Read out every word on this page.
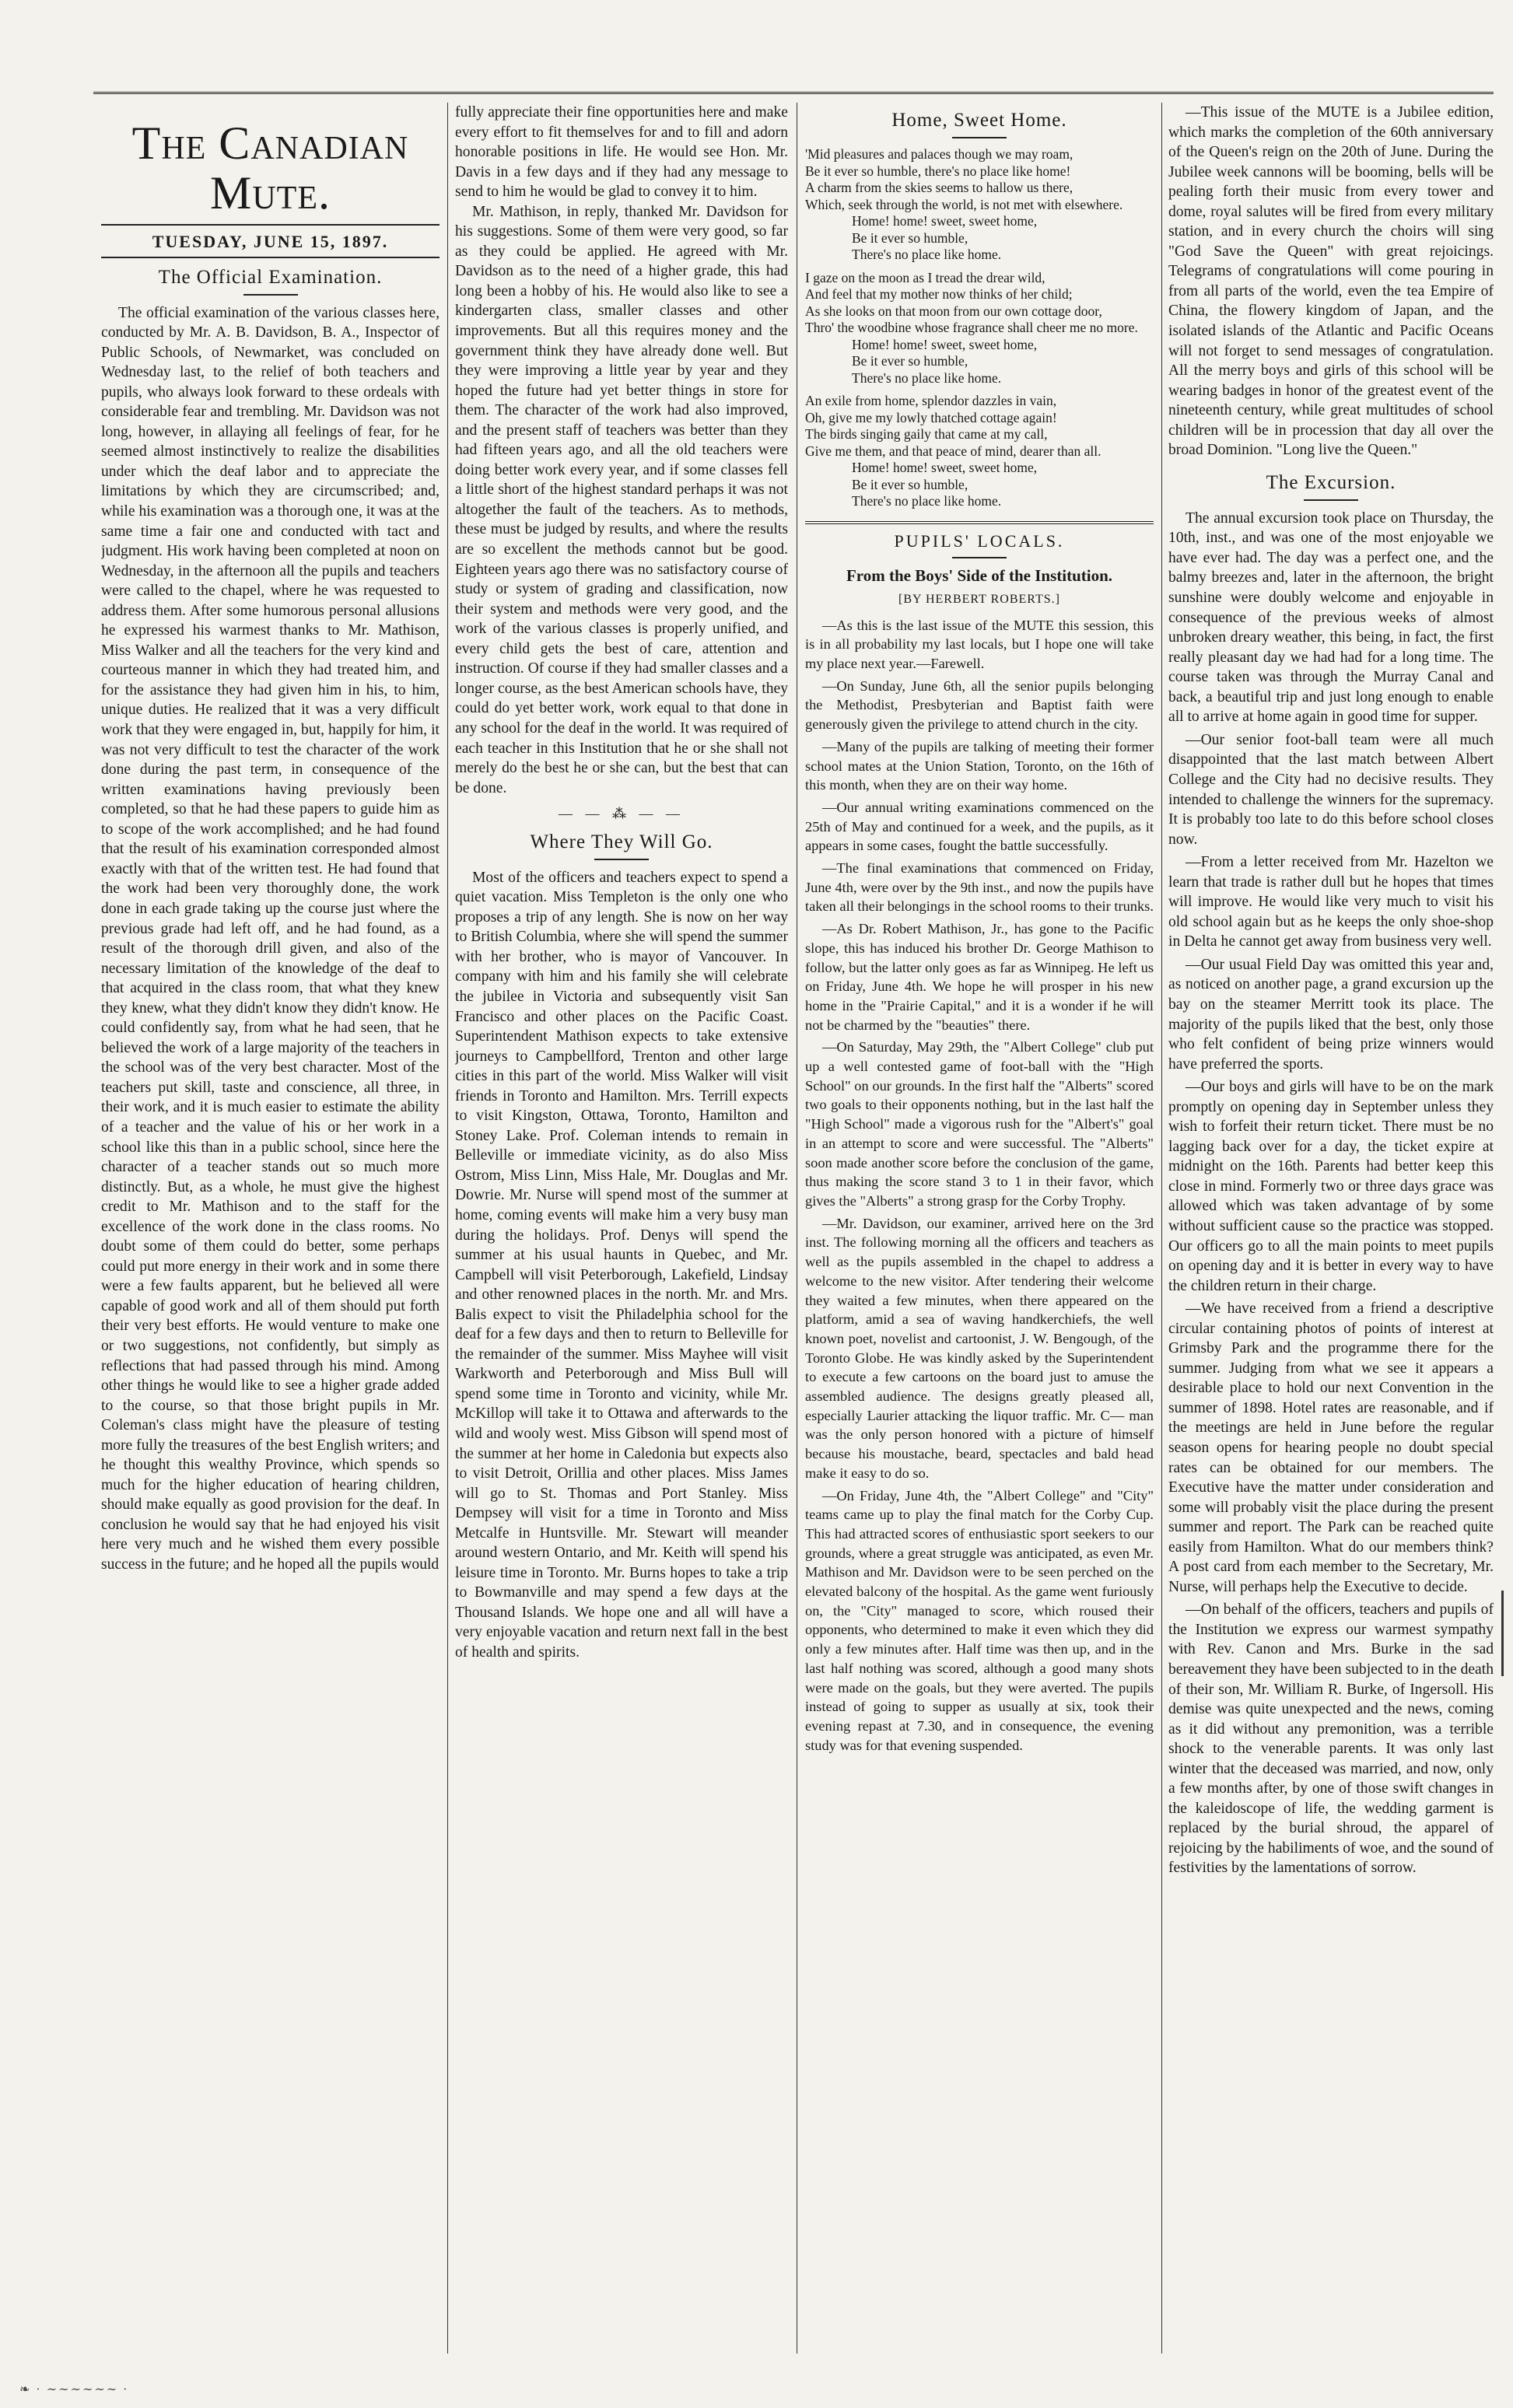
The Canadian Mute.
TUESDAY, JUNE 15, 1897.
The Official Examination.

The official examination of the various classes here, conducted by Mr. A. B. Davidson, B. A., Inspector of Public Schools, of Newmarket, was concluded on Wednesday last, to the relief of both teachers and pupils, who always look forward to these ordeals with considerable fear and trembling. Mr. Davidson was not long, however, in allaying all feelings of fear, for he seemed almost instinctively to realize the disabilities under which the deaf labor and to appreciate the limitations by which they are circumscribed; and, while his examination was a thorough one, it was at the same time a fair one and conducted with tact and judgment. His work having been completed at noon on Wednesday, in the afternoon all the pupils and teachers were called to the chapel, where he was requested to address them. After some humorous personal allusions he expressed his warmest thanks to Mr. Mathison, Miss Walker and all the teachers for the very kind and courteous manner in which they had treated him, and for the assistance they had given him in his, to him, unique duties. He realized that it was a very difficult work that they were engaged in, but, happily for him, it was not very difficult to test the character of the work done during the past term, in consequence of the written examinations having previously been completed, so that he had these papers to guide him as to scope of the work accomplished; and he had found that the result of his examination corresponded almost exactly with that of the written test. He had found that the work had been very thoroughly done, the work done in each grade taking up the course just where the previous grade had left off, and he had found, as a result of the thorough drill given, and also of the necessary limitation of the knowledge of the deaf to that acquired in the class room, that what they knew they knew, what they didn't know they didn't know. He could confidently say, from what he had seen, that he believed the work of a large majority of the teachers in the school was of the very best character. Most of the teachers put skill, taste and conscience, all three, in their work, and it is much easier to estimate the ability of a teacher and the value of his or her work in a school like this than in a public school, since here the character of a teacher stands out so much more distinctly. But, as a whole, he must give the highest credit to Mr. Mathison and to the staff for the excellence of the work done in the class rooms. No doubt some of them could do better, some perhaps could put more energy in their work and in some there were a few faults apparent, but he believed all were capable of good work and all of them should put forth their very best efforts. He would venture to make one or two suggestions, not confidently, but simply as reflections that had passed through his mind. Among other things he would like to see a higher grade added to the course, so that those bright pupils in Mr. Coleman's class might have the pleasure of testing more fully the treasures of the best English writers; and he thought this wealthy Province, which spends so much for the higher education of hearing children, should make equally as good provision for the deaf. In conclusion he would say that he had enjoyed his visit here very much and he wished them every possible success in the future; and he hoped all the pupils would

fully appreciate their fine opportunities here and make every effort to fit themselves for and to fill and adorn honorable positions in life. He would see Hon. Mr. Davis in a few days and if they had any message to send to him he would be glad to convey it to him.

Mr. Mathison, in reply, thanked Mr. Davidson for his suggestions. Some of them were very good, so far as they could be applied. He agreed with Mr. Davidson as to the need of a higher grade, this had long been a hobby of his. He would also like to see a kindergarten class, smaller classes and other improvements. But all this requires money and the government think they have already done well. But they were improving a little year by year and they hoped the future had yet better things in store for them. The character of the work had also improved, and the present staff of teachers was better than they had fifteen years ago, and all the old teachers were doing better work every year, and if some classes fell a little short of the highest standard perhaps it was not altogether the fault of the teachers. As to methods, these must be judged by results, and where the results are so excellent the methods cannot but be good. Eighteen years ago there was no satisfactory course of study or system of grading and classification, now their system and methods were very good, and the work of the various classes is properly unified, and every child gets the best of care, attention and instruction. Of course if they had smaller classes and a longer course, as the best American schools have, they could do yet better work, work equal to that done in any school for the deaf in the world. It was required of each teacher in this Institution that he or she shall not merely do the best he or she can, but the best that can be done.

— — ⁂ — —
Where They Will Go.

Most of the officers and teachers expect to spend a quiet vacation. Miss Templeton is the only one who proposes a trip of any length. She is now on her way to British Columbia, where she will spend the summer with her brother, who is mayor of Vancouver. In company with him and his family she will celebrate the jubilee in Victoria and subsequently visit San Francisco and other places on the Pacific Coast. Superintendent Mathison expects to take extensive journeys to Campbellford, Trenton and other large cities in this part of the world. Miss Walker will visit friends in Toronto and Hamilton. Mrs. Terrill expects to visit Kingston, Ottawa, Toronto, Hamilton and Stoney Lake. Prof. Coleman intends to remain in Belleville or immediate vicinity, as do also Miss Ostrom, Miss Linn, Miss Hale, Mr. Douglas and Mr. Dowrie. Mr. Nurse will spend most of the summer at home, coming events will make him a very busy man during the holidays. Prof. Denys will spend the summer at his usual haunts in Quebec, and Mr. Campbell will visit Peterborough, Lakefield, Lindsay and other renowned places in the north. Mr. and Mrs. Balis expect to visit the Philadelphia school for the deaf for a few days and then to return to Belleville for the remainder of the summer. Miss Mayhee will visit Warkworth and Peterborough and Miss Bull will spend some time in Toronto and vicinity, while Mr. McKillop will take it to Ottawa and afterwards to the wild and wooly west. Miss Gibson will spend most of the summer at her home in Caledonia but expects also to visit Detroit, Orillia and other places. Miss James will go to St. Thomas and Port Stanley. Miss Dempsey will visit for a time in Toronto and Miss Metcalfe in Huntsville. Mr. Stewart will meander around western Ontario, and Mr. Keith will spend his leisure time in Toronto. Mr. Burns hopes to take a trip to Bowmanville and may spend a few days at the Thousand Islands. We hope one and all will have a very enjoyable vacation and return next fall in the best of health and spirits.

Home, Sweet Home.
'Mid pleasures and palaces though we may roam,
Be it ever so humble, there's no place like home!
A charm from the skies seems to hallow us there,
Which, seek through the world, is not met with elsewhere.
Home! home! sweet, sweet home,
Be it ever so humble,
There's no place like home.
I gaze on the moon as I tread the drear wild,
And feel that my mother now thinks of her child;
As she looks on that moon from our own cottage door,
Thro' the woodbine whose fragrance shall cheer me no more.
Home! home! sweet, sweet home,
Be it ever so humble,
There's no place like home.
An exile from home, splendor dazzles in vain,
Oh, give me my lowly thatched cottage again!
The birds singing gaily that came at my call,
Give me them, and that peace of mind, dearer than all.
Home! home! sweet, sweet home,
Be it ever so humble,
There's no place like home.
PUPILS' LOCALS.
From the Boys' Side of the Institution.
[BY HERBERT ROBERTS.]

—As this is the last issue of the MUTE this session, this is in all probability my last locals, but I hope one will take my place next year.—Farewell.

—On Sunday, June 6th, all the senior pupils belonging the Methodist, Presbyterian and Baptist faith were generously given the privilege to attend church in the city.

—Many of the pupils are talking of meeting their former school mates at the Union Station, Toronto, on the 16th of this month, when they are on their way home.

—Our annual writing examinations commenced on the 25th of May and continued for a week, and the pupils, as it appears in some cases, fought the battle successfully.

—The final examinations that commenced on Friday, June 4th, were over by the 9th inst., and now the pupils have taken all their belongings in the school rooms to their trunks.

—As Dr. Robert Mathison, Jr., has gone to the Pacific slope, this has induced his brother Dr. George Mathison to follow, but the latter only goes as far as Winnipeg. He left us on Friday, June 4th. We hope he will prosper in his new home in the "Prairie Capital," and it is a wonder if he will not be charmed by the "beauties" there.

—On Saturday, May 29th, the "Albert College" club put up a well contested game of foot-ball with the "High School" on our grounds. In the first half the "Alberts" scored two goals to their opponents nothing, but in the last half the "High School" made a vigorous rush for the "Albert's" goal in an attempt to score and were successful. The "Alberts" soon made another score before the conclusion of the game, thus making the score stand 3 to 1 in their favor, which gives the "Alberts" a strong grasp for the Corby Trophy.

—Mr. Davidson, our examiner, arrived here on the 3rd inst. The following morning all the officers and teachers as well as the pupils assembled in the chapel to address a welcome to the new visitor. After tendering their welcome they waited a few minutes, when there appeared on the platform, amid a sea of waving handkerchiefs, the well known poet, novelist and cartoonist, J. W. Bengough, of the Toronto Globe. He was kindly asked by the Superintendent to execute a few cartoons on the board just to amuse the assembled audience. The designs greatly pleased all, especially Laurier attacking the liquor traffic. Mr. C— man was the only person honored with a picture of himself because his moustache, beard, spectacles and bald head make it easy to do so.

—On Friday, June 4th, the "Albert College" and "City" teams came up to play the final match for the Corby Cup. This had attracted scores of enthusiastic sport seekers to our grounds, where a great struggle was anticipated, as even Mr. Mathison and Mr. Davidson were to be seen perched on the elevated balcony of the hospital. As the game went furiously on, the "City" managed to score, which roused their opponents, who determined to make it even which they did only a few minutes after. Half time was then up, and in the last half nothing was scored, although a good many shots were made on the goals, but they were averted. The pupils instead of going to supper as usually at six, took their evening repast at 7.30, and in consequence, the evening study was for that evening suspended.

—This issue of the MUTE is a Jubilee edition, which marks the completion of the 60th anniversary of the Queen's reign on the 20th of June. During the Jubilee week cannons will be booming, bells will be pealing forth their music from every tower and dome, royal salutes will be fired from every military station, and in every church the choirs will sing "God Save the Queen" with great rejoicings. Telegrams of congratulations will come pouring in from all parts of the world, even the tea Empire of China, the flowery kingdom of Japan, and the isolated islands of the Atlantic and Pacific Oceans will not forget to send messages of congratulation. All the merry boys and girls of this school will be wearing badges in honor of the greatest event of the nineteenth century, while great multitudes of school children will be in procession that day all over the broad Dominion. "Long live the Queen."

The Excursion.

The annual excursion took place on Thursday, the 10th, inst., and was one of the most enjoyable we have ever had. The day was a perfect one, and the balmy breezes and, later in the afternoon, the bright sunshine were doubly welcome and enjoyable in consequence of the previous weeks of almost unbroken dreary weather, this being, in fact, the first really pleasant day we had had for a long time. The course taken was through the Murray Canal and back, a beautiful trip and just long enough to enable all to arrive at home again in good time for supper.

—Our senior foot-ball team were all much disappointed that the last match between Albert College and the City had no decisive results. They intended to challenge the winners for the supremacy. It is probably too late to do this before school closes now.

—From a letter received from Mr. Hazelton we learn that trade is rather dull but he hopes that times will improve. He would like very much to visit his old school again but as he keeps the only shoe-shop in Delta he cannot get away from business very well.

—Our usual Field Day was omitted this year and, as noticed on another page, a grand excursion up the bay on the steamer Merritt took its place. The majority of the pupils liked that the best, only those who felt confident of being prize winners would have preferred the sports.

—Our boys and girls will have to be on the mark promptly on opening day in September unless they wish to forfeit their return ticket. There must be no lagging back over for a day, the ticket expire at midnight on the 16th. Parents had better keep this close in mind. Formerly two or three days grace was allowed which was taken advantage of by some without sufficient cause so the practice was stopped. Our officers go to all the main points to meet pupils on opening day and it is better in every way to have the children return in their charge.

—We have received from a friend a descriptive circular containing photos of points of interest at Grimsby Park and the programme there for the summer. Judging from what we see it appears a desirable place to hold our next Convention in the summer of 1898. Hotel rates are reasonable, and if the meetings are held in June before the regular season opens for hearing people no doubt special rates can be obtained for our members. The Executive have the matter under consideration and some will probably visit the place during the present summer and report. The Park can be reached quite easily from Hamilton. What do our members think? A post card from each member to the Secretary, Mr. Nurse, will perhaps help the Executive to decide.

—On behalf of the officers, teachers and pupils of the Institution we express our warmest sympathy with Rev. Canon and Mrs. Burke in the sad bereavement they have been subjected to in the death of their son, Mr. William R. Burke, of Ingersoll. His demise was quite unexpected and the news, coming as it did without any premonition, was a terrible shock to the venerable parents. It was only last winter that the deceased was married, and now, only a few months after, by one of those swift changes in the kaleidoscope of life, the wedding garment is replaced by the burial shroud, the apparel of rejoicing by the habiliments of woe, and the sound of festivities by the lamentations of sorrow.

❧ · ∼∼∼∼∼∼ ·
